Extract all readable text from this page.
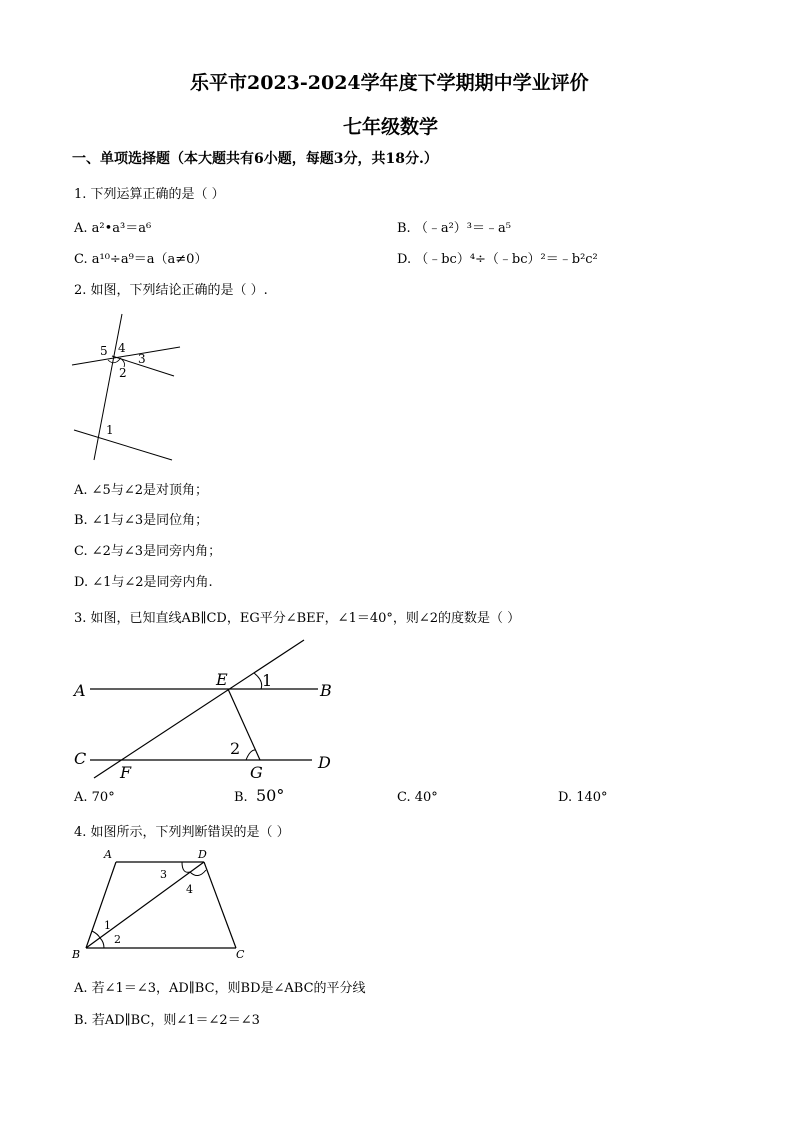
乐平市2023-2024学年度下学期期中学业评价
七年级数学
一、单项选择题（本大题共有6小题，每题3分，共18分.）
1. 下列运算正确的是（ ）
A. a²•a³＝a⁶	B. （﹣a²）³＝﹣a⁵
C. a¹⁰÷a⁹＝a（a≠0）	D. （﹣bc）⁴÷（﹣bc）²＝﹣b²c²
2. 如图，下列结论正确的是（ ）.
5 4
3
2
1
A. ∠5与∠2是对顶角；
B. ∠1与∠3是同位角；
C. ∠2与∠3是同旁内角；
D. ∠1与∠2是同旁内角.
3. 如图，已知直线AB∥CD，EG平分∠BEF，∠1＝40°，则∠2的度数是（ ）
A	B
C	D
E
F	G
1
2
A. 70°	B. 50°	C. 40°	D. 140°
4. 如图所示，下列判断错误的是（ ）
A	D
B	C
1
2
3
4
A. 若∠1＝∠3，AD∥BC，则BD是∠ABC的平分线
B. 若AD∥BC，则∠1＝∠2＝∠3
